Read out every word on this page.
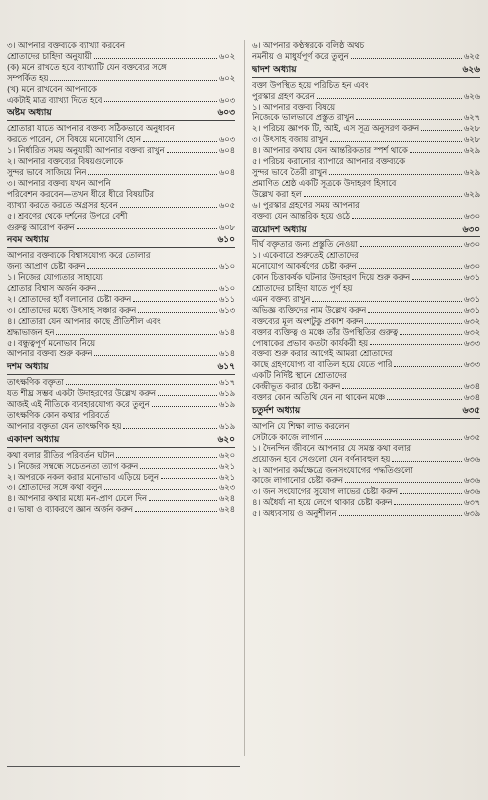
৩। আপনার বক্তব্যকে ব্যাখ্যা করবেন
শ্রোতাদের চাহিদা অনুযায়ী	৬০২
(ক) মনে রাখতে হবে ব্যাখ্যাটি যেন বক্তব্যের সঙ্গে
সম্পর্কিত হয়	৬০২
(খ) মনে রাখবেন আপনাকে
একটাই মাত্র ব্যাখ্যা দিতে হবে	৬০৩
অষ্টম অধ্যায়	৬০৩
শ্রোতারা যাতে আপনার বক্তব্য সঠিকভাবে অনুধাবন
করতে পারেন, সে বিষয়ে মনোযোগি হোন	৬০৩
১। নির্ধারিত সময় অনুযায়ী আপনার বক্তব্য রাখুন	৬০৪
২। আপনার বক্তব্যের বিষয়গুলোকে
সুন্দর ভাবে সাজিয়ে নিন	৬০৪
৩। আপনার বক্তব্য যখন আপনি
পরিবেশন করবেন—তখন ধীরে ধীরে বিষয়টির
ব্যাখ্যা করতে করতে অগ্রসর হবেন	৬০৫
৫। শ্রবণের থেকে দর্শনের উপরে বেশী
গুরুত্ব আরোপ করুন	৬০৮
নবম অধ্যায়	৬১০
আপনার বক্তব্যকে বিশ্বাসযোগ্য করে তোলার
জন্য আপ্রাণ চেষ্টা করুন	৬১০
১। নিজের যোগ্যতার সাহায্যে
শ্রোতার বিশ্বাস অর্জন করুন	৬১০
২। শ্রোতাদের হ্যাঁ বলানোর চেষ্টা করুন	৬১১
৩। শ্রোতাদের মধ্যে উৎসাহ সঞ্চার করুন	৬১৩
৪। শ্রোতারা যেন আপনার কাছে প্রীতিশীল এবং
শ্রদ্ধাভাজন হন	৬১৪
৫। বন্ধুত্বপূর্ণ মনোভাব নিয়ে
আপনার বক্তব্য শুরু করুন	৬১৪
দশম অধ্যায়	৬১৭
তাৎক্ষণিক বক্তৃতা	৬১৭
যত শীঘ্র সম্ভব একটা উদাহরণের উল্লেখ করুন	৬১৯
আজই এই নীতিকে ব্যবহারযোগ্য করে তুলুন	৬১৯
তাৎক্ষণিক কোন কথার পরিবর্তে
আপনার বক্তৃতা যেন তাৎক্ষণিক হয়	৬১৯
একাদশ অধ্যায়	৬২০
কথা বলার রীতির পরিবর্তন ঘটান	৬২০
১। নিজের সম্বন্ধে সচেতনতা ত্যাগ করুন	৬২১
২। অপরকে নকল করার মনোভাব এড়িয়ে চলুন	৬২১
৩। শ্রোতাদের সঙ্গে কথা বলুন	৬২৩
৪। আপনার কথার মধ্যে মন-প্রাণ ঢেলে দিন	৬২৪
৫। ভাষা ও ব্যাকরণে জ্ঞান অর্জন করুন	৬২৪
৬। আপনার কণ্ঠস্বরকে বলিষ্ঠ অথচ
নমনীয় ও মাধুর্যপূর্ণ করে তুলুন	৬২৫
দ্বাদশ অধ্যায়	৬২৬
বক্তা উপস্থিত হয়ে পরিচিত হন এবং
পুরস্কার গ্রহণ করেন	৬২৬
১। আপনার বক্তব্য বিষয়ে
নিজেকে ভালভাবে প্রস্তুত রাখুন	৬২৭
২। পরিচয় জ্ঞাপক টি, আই, এস সূত্র অনুসরণ করুন	৬২৮
৩। উৎসাহ বজায় রাখুন	৬২৮
৪। আপনার কথায় যেন আন্তরিকতার স্পর্শ থাকে	৬২৯
৫। পরিচয় করানোর ব্যাপারে আপনার বক্তব্যকে
সুন্দর ভাবে তৈরী রাখুন	৬২৯
প্রমাণিত শ্রেষ্ঠ একটি সূত্রকে উদাহরণ হিসাবে
উল্লেখ করা হল	৬২৯
৬। পুরস্কার গ্রহণের সময় আপনার
বক্তব্য যেন আন্তরিক হয়ে ওঠে	৬৩০
ত্রয়োদশ অধ্যায়	৬৩০
দীর্ঘ বক্তৃতার জন্য প্রস্তুতি নেওয়া	৬৩০
১। একেবারে শুরুতেই শ্রোতাদের
মনোযোগ আকর্ষণের চেষ্টা করুন	৬৩০
কোন চিত্তাকর্ষক ঘটনার উদাহরণ দিয়ে শুরু করুন	৬৩১
শ্রোতাদের চাহিদা যাতে পূর্ণ হয়
এমন বক্তব্য রাখুন	৬৩১
অভিজ্ঞ ব্যক্তিদের নাম উল্লেখ করুন	৬৩১
বক্তব্যের মূল অংশটুকু প্রকাশ করুন	৬৩২
বক্তার ব্যক্তিত্ব ও মঞ্চে তাঁর উপস্থিতির গুরুত্ব	৬৩২
পোষাকের প্রভাব কতটা কার্যকরী হয়	৬৩৩
বক্তব্য শুরু করার আগেই আমরা শ্রোতাদের
কাছে গ্রহণযোগ্য বা বাতিল হয়ে যেতে পারি	৬৩৩
একটি নির্দিষ্ট স্থানে শ্রোতাদের
কেন্দ্রীভূত করার চেষ্টা করুন	৬৩৪
বক্তার কোন অতিথি যেন না থাকেন মঞ্চে	৬৩৪
চতুর্দশ অধ্যায়	৬৩৫
আপনি যে শিক্ষা লাভ করলেন
সেটাকে কাজে লাগান	৬৩৫
১। দৈনন্দিন জীবনে আপনার যে সমস্ত কথা বলার
প্রয়োজন হবে সেগুলো যেন বর্ণনাবহুল হয়	৬৩৬
২। আপনার কর্মক্ষেত্রে জনসংযোগের পদ্ধতিগুলো
কাজে লাগানোর চেষ্টা করুন	৬৩৬
৩। জন সংযোগের সুযোগ লাভের চেষ্টা করুন	৬৩৬
৪। অধৈর্য্য না হয়ে লেগে থাকার চেষ্টা করুন	৬৩৭
৫। অধ্যবসায় ও অনুশীলন	৬৩৯
